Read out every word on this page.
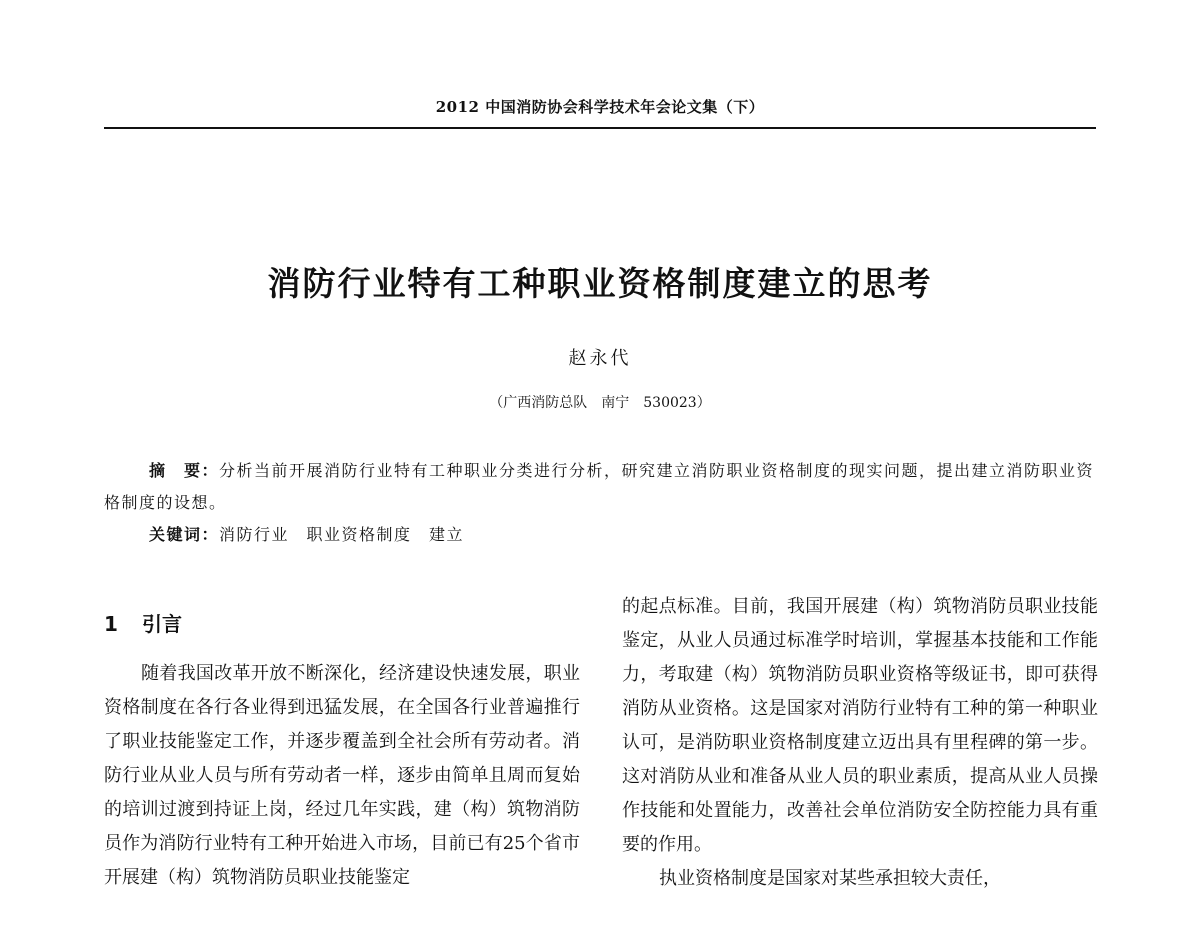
2012 中国消防协会科学技术年会论文集（下）
消防行业特有工种职业资格制度建立的思考
赵永代
（广西消防总队　南宁　530023）

摘　要：分析当前开展消防行业特有工种职业分类进行分析，研究建立消防职业资格制度的现实问题，提出建立消防职业资格制度的设想。

关键词：消防行业　职业资格制度　建立

1 引言

随着我国改革开放不断深化，经济建设快速发展，职业资格制度在各行各业得到迅猛发展，在全国各行业普遍推行了职业技能鉴定工作，并逐步覆盖到全社会所有劳动者。消防行业从业人员与所有劳动者一样，逐步由简单且周而复始的培训过渡到持证上岗，经过几年实践，建（构）筑物消防员作为消防行业特有工种开始进入市场，目前已有25个省市开展建（构）筑物消防员职业技能鉴定

的起点标准。目前，我国开展建（构）筑物消防员职业技能鉴定，从业人员通过标准学时培训，掌握基本技能和工作能力，考取建（构）筑物消防员职业资格等级证书，即可获得消防从业资格。这是国家对消防行业特有工种的第一种职业认可，是消防职业资格制度建立迈出具有里程碑的第一步。这对消防从业和准备从业人员的职业素质，提高从业人员操作技能和处置能力，改善社会单位消防安全防控能力具有重要的作用。

执业资格制度是国家对某些承担较大责任，
